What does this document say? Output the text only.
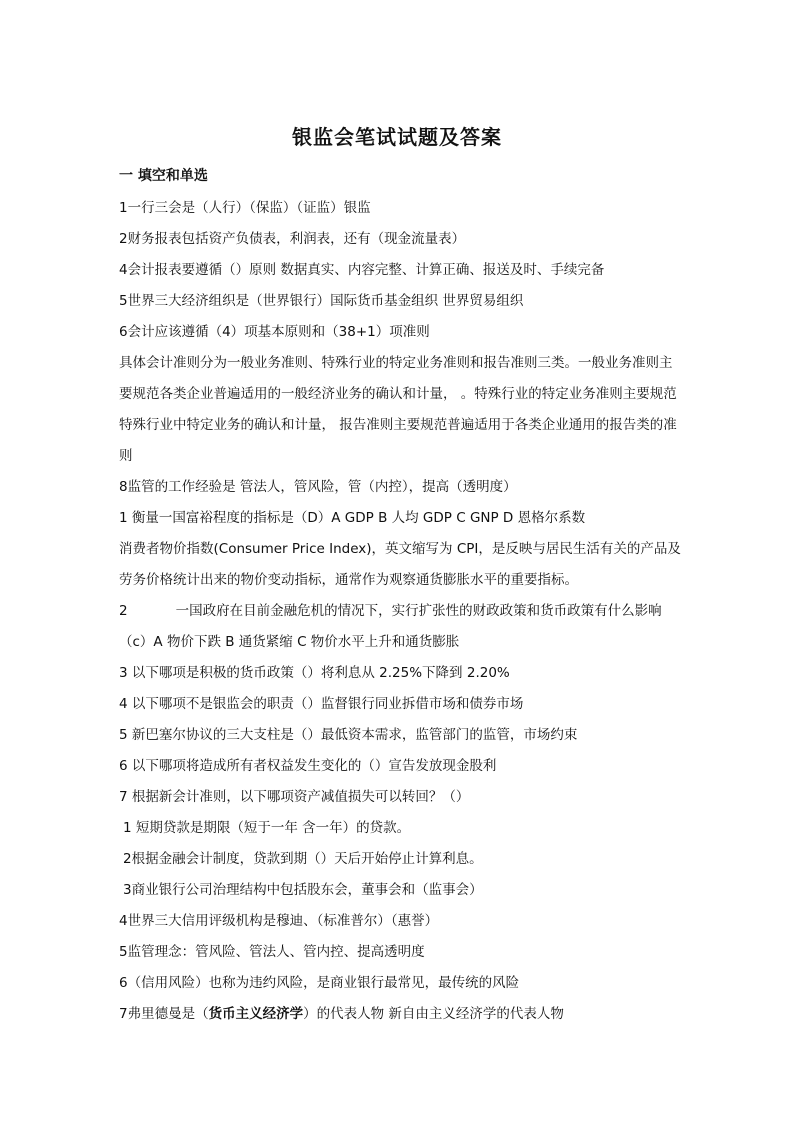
银监会笔试试题及答案
一 填空和单选
1一行三会是（人行）（保监）（证监）银监
2财务报表包括资产负债表，利润表，还有（现金流量表）
4会计报表要遵循（）原则 数据真实、内容完整、计算正确、报送及时、手续完备
5世界三大经济组织是（世界银行）国际货币基金组织 世界贸易组织
6会计应该遵循（4）项基本原则和（38+1）项准则
具体会计准则分为一般业务准则、特殊行业的特定业务准则和报告准则三类。一般业务准则主要规范各类企业普遍适用的一般经济业务的确认和计量， 。特殊行业的特定业务准则主要规范特殊行业中特定业务的确认和计量， 报告准则主要规范普遍适用于各类企业通用的报告类的准则
8监管的工作经验是 管法人，管风险，管（内控），提高（透明度）
1 衡量一国富裕程度的指标是（D）A GDP B 人均 GDP C GNP D 恩格尔系数
消费者物价指数(Consumer Price Index)，英文缩写为 CPI，是反映与居民生活有关的产品及劳务价格统计出来的物价变动指标，通常作为观察通货膨胀水平的重要指标。
2	一国政府在目前金融危机的情况下，实行扩张性的财政政策和货币政策有什么影响
（c）A 物价下跌 B 通货紧缩 C 物价水平上升和通货膨胀
3 以下哪项是积极的货币政策（）将利息从 2.25%下降到 2.20%
4 以下哪项不是银监会的职责（）监督银行同业拆借市场和债券市场
5 新巴塞尔协议的三大支柱是（）最低资本需求，监管部门的监管，市场约束
6 以下哪项将造成所有者权益发生变化的（）宣告发放现金股利
7 根据新会计准则，以下哪项资产减值损失可以转回？（）
1 短期贷款是期限（短于一年 含一年）的贷款。
2根据金融会计制度，贷款到期（）天后开始停止计算利息。
3商业银行公司治理结构中包括股东会，董事会和（监事会）
4世界三大信用评级机构是穆迪、（标准普尔）（惠誉）
5监管理念：管风险、管法人、管内控、提高透明度
6（信用风险）也称为违约风险，是商业银行最常见，最传统的风险
7弗里德曼是（货币主义经济学）的代表人物 新自由主义经济学的代表人物
